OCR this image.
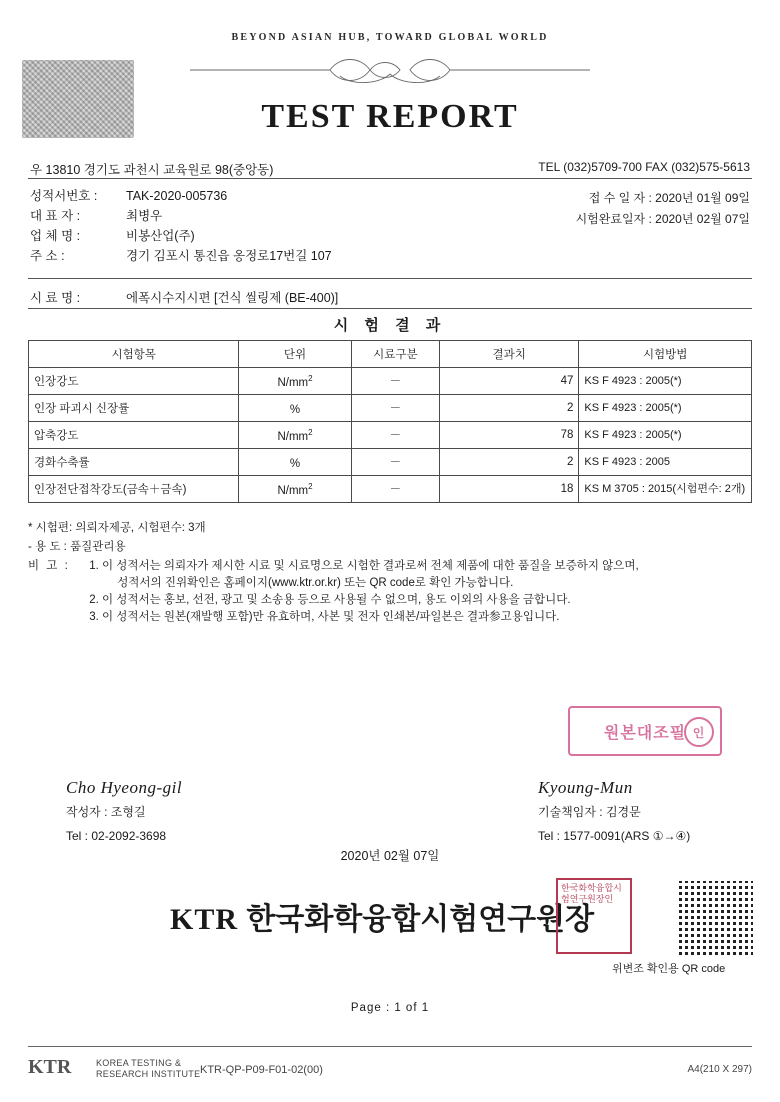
BEYOND ASIAN HUB, TOWARD GLOBAL WORLD
TEST REPORT
우 13810 경기도 과천시 교육원로 98(중앙동)	TEL (032)5709-700 FAX (032)575-5613
성적서번호 : TAK-2020-005736
대 표 자 :	최병우
업 체 명 :	비봉산업(주)
주 소 :	경기 김포시 통진읍 옹정로17번길 107
접 수 일 자 : 2020년 01월 09일
시험완료일자 : 2020년 02월 07일
시 료 명 :	에폭시수지시편 [건식 씰링제 (BE-400)]
시 험 결 과
시험항목	단위	시료구분	결과치	시험방법
인장강도	$N/mm^2$	－	47	KS F 4923 : 2005(*)
인장 파괴시 신장률	%	－	2	KS F 4923 : 2005(*)
압축강도	$N/mm^2$	－	78	KS F 4923 : 2005(*)
경화수축률	%	－	2	KS F 4923 : 2005
인장전단접착강도(금속＋금속)	$N/mm^2$	－	18	KS M 3705 : 2015(시험편수: 2개)
* 시험편: 의뢰자제공, 시험편수: 3개
- 용 도 : 품질관리용
비 고 : 1. 이 성적서는 의뢰자가 제시한 시료 및 시료명으로 시험한 결과로써 전체 제품에 대한 품질을 보증하지 않으며,
성적서의 진위확인은 홈페이지(www.ktr.or.kr) 또는 QR code로 확인 가능합니다.
2. 이 성적서는 홍보, 선전, 광고 및 소송용 등으로 사용될 수 없으며, 용도 이외의 사용을 금합니다.
3. 이 성적서는 원본(재발행 포함)만 유효하며, 사본 및 전자 인쇄본/파일본은 결과参고용입니다.
원본대조필 인
Cho Hyeong-gil
작성자 : 조형길
Tel : 02-2092-3698
Kyoung-Mun
기술책임자 : 김경문
Tel : 1577-0091(ARS ①→④)
2020년 02월 07일
KTR 한국화학융합시험연구원장
한국화학융합시험연구원장인
위변조 확인용 QR code
Page : 1 of 1
KTR	KOREA TESTING &
RESEARCH INSTITUTE KTR-QP-P09-F01-02(00)	A4(210 X 297)
